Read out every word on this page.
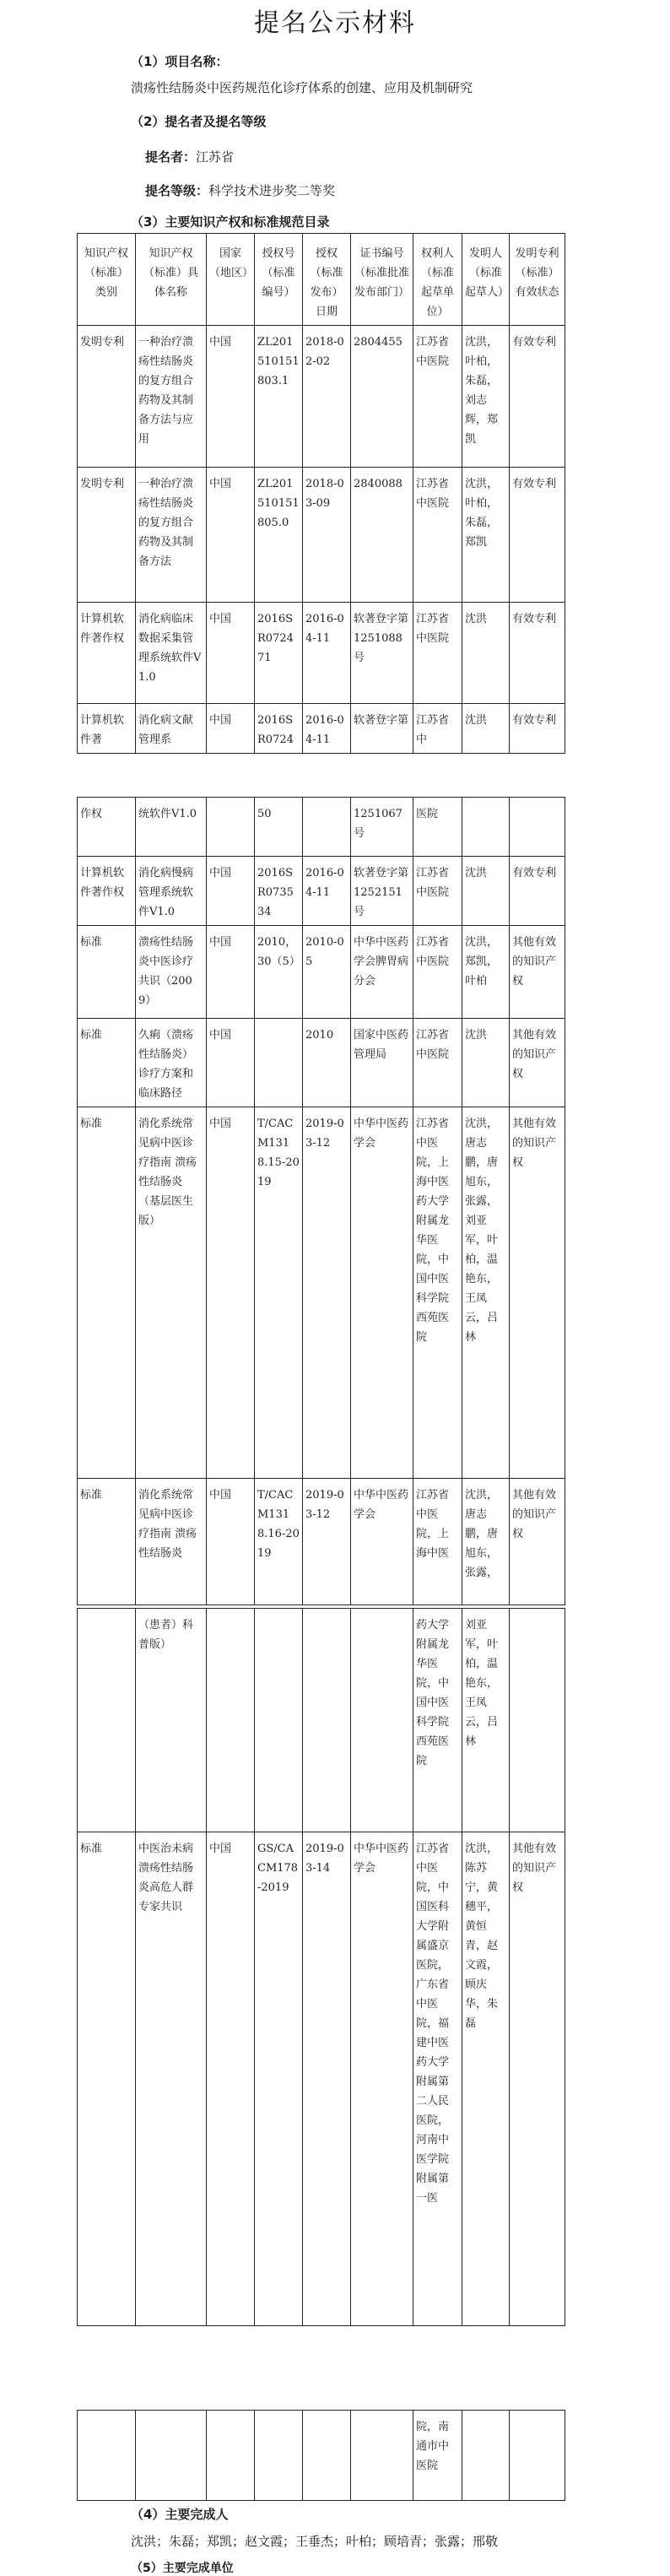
提名公示材料
（1）项目名称：
溃疡性结肠炎中医药规范化诊疗体系的创建、应用及机制研究
（2）提名者及提名等级
提名者：江苏省
提名等级：科学技术进步奖二等奖
（3）主要知识产权和标准规范目录
知识产权（标准）类别	知识产权（标准）具体名称	国家（地区）	授权号（标准编号）	授权（标准发布）日期	证书编号（标准批准发布部门）	权利人（标准起草单位）	发明人（标准起草人）	发明专利（标准）有效状态
发明专利	一种治疗溃疡性结肠炎的复方组合药物及其制备方法与应用	中国	ZL201510151803.1	2018-02-02	2804455	江苏省中医院	沈洪，叶柏，朱磊，刘志辉，郑凯	有效专利
发明专利	一种治疗溃疡性结肠炎的复方组合药物及其制备方法	中国	ZL201510151805.0	2018-03-09	2840088	江苏省中医院	沈洪，叶柏，朱磊，郑凯	有效专利
计算机软件著作权	消化病临床数据采集管理系统软件V1.0	中国	2016SR072471	2016-04-11	软著登字第1251088号	江苏省中医院	沈洪	有效专利
计算机软件著	消化病文献管理系	中国	2016SR0724	2016-04-11	软著登字第	江苏省中	沈洪	有效专利
作权	统软件V1.0		50		1251067号	医院		
计算机软件著作权	消化病慢病管理系统软件V1.0	中国	2016SR073534	2016-04-11	软著登字第1252151号	江苏省中医院	沈洪	有效专利
标准	溃疡性结肠炎中医诊疗共识（2009）	中国	2010，30（5）	2010-05	中华中医药学会脾胃病分会	江苏省中医院	沈洪，郑凯，叶柏	其他有效的知识产权
标准	久痢（溃疡性结肠炎）诊疗方案和临床路径	中国		2010	国家中医药管理局	江苏省中医院	沈洪	其他有效的知识产权
标准	消化系统常见病中医诊疗指南 溃疡性结肠炎（基层医生版）	中国	T/CACM1318.15-2019	2019-03-12	中华中医药学会	江苏省中医院，上海中医药大学附属龙华医院，中国中医科学院西苑医院	沈洪，唐志鹏，唐旭东，张露，刘亚军，叶柏，温艳东，王凤云，吕林	其他有效的知识产权
标准	消化系统常见病中医诊疗指南 溃疡性结肠炎	中国	T/CACM1318.16-2019	2019-03-12	中华中医药学会	江苏省中医院，上海中医	沈洪，唐志鹏，唐旭东，张露，	其他有效的知识产权
	（患者）科普版）					药大学附属龙华医院，中国中医科学院西苑医院	刘亚军，叶柏，温艳东，王凤云，吕林	
标准	中医治未病 溃疡性结肠炎高危人群专家共识	中国	GS/CACM178-2019	2019-03-14	中华中医药学会	江苏省中医院，中国医科大学附属盛京医院，广东省中医院，福建中医药大学附属第二人民医院，河南中医学院附属第一医	沈洪，陈苏宁，黄穗平，黄恒青，赵文霞，顾庆华，朱磊	其他有效的知识产权
						院，南通市中医院		
（4）主要完成人
沈洪；朱磊；郑凯；赵文霞；王垂杰；叶柏；顾培青；张露；邢敬
（5）主要完成单位
